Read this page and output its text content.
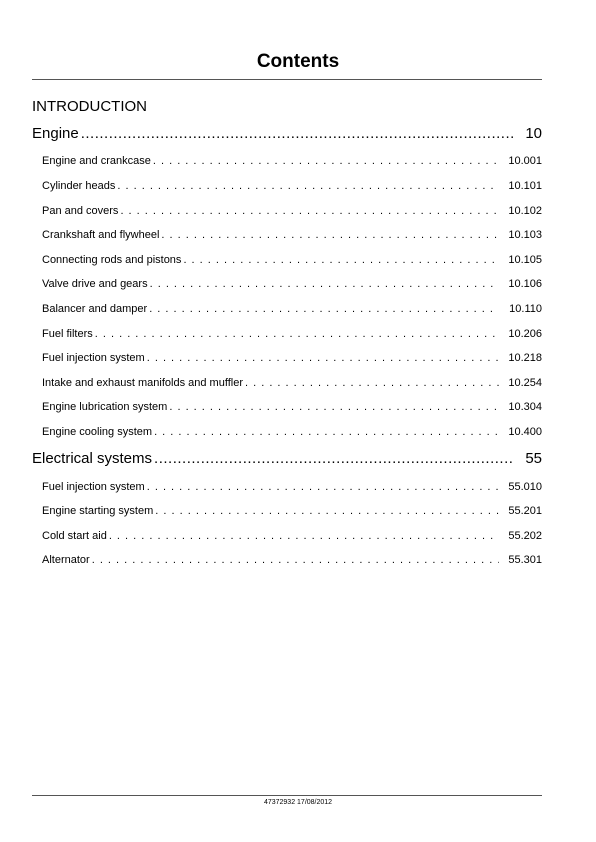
Contents
INTRODUCTION
Engine .....	10
Engine and crankcase . . .	10.001
Cylinder heads . . .	10.101
Pan and covers . . .	10.102
Crankshaft and flywheel . . .	10.103
Connecting rods and pistons . . .	10.105
Valve drive and gears . . .	10.106
Balancer and damper . . .	10.110
Fuel filters . . .	10.206
Fuel injection system . . .	10.218
Intake and exhaust manifolds and muffler . . .	10.254
Engine lubrication system . . .	10.304
Engine cooling system . . .	10.400
Electrical systems .....	55
Fuel injection system . . .	55.010
Engine starting system . . .	55.201
Cold start aid . . .	55.202
Alternator . . .	55.301
47372932 17/08/2012
